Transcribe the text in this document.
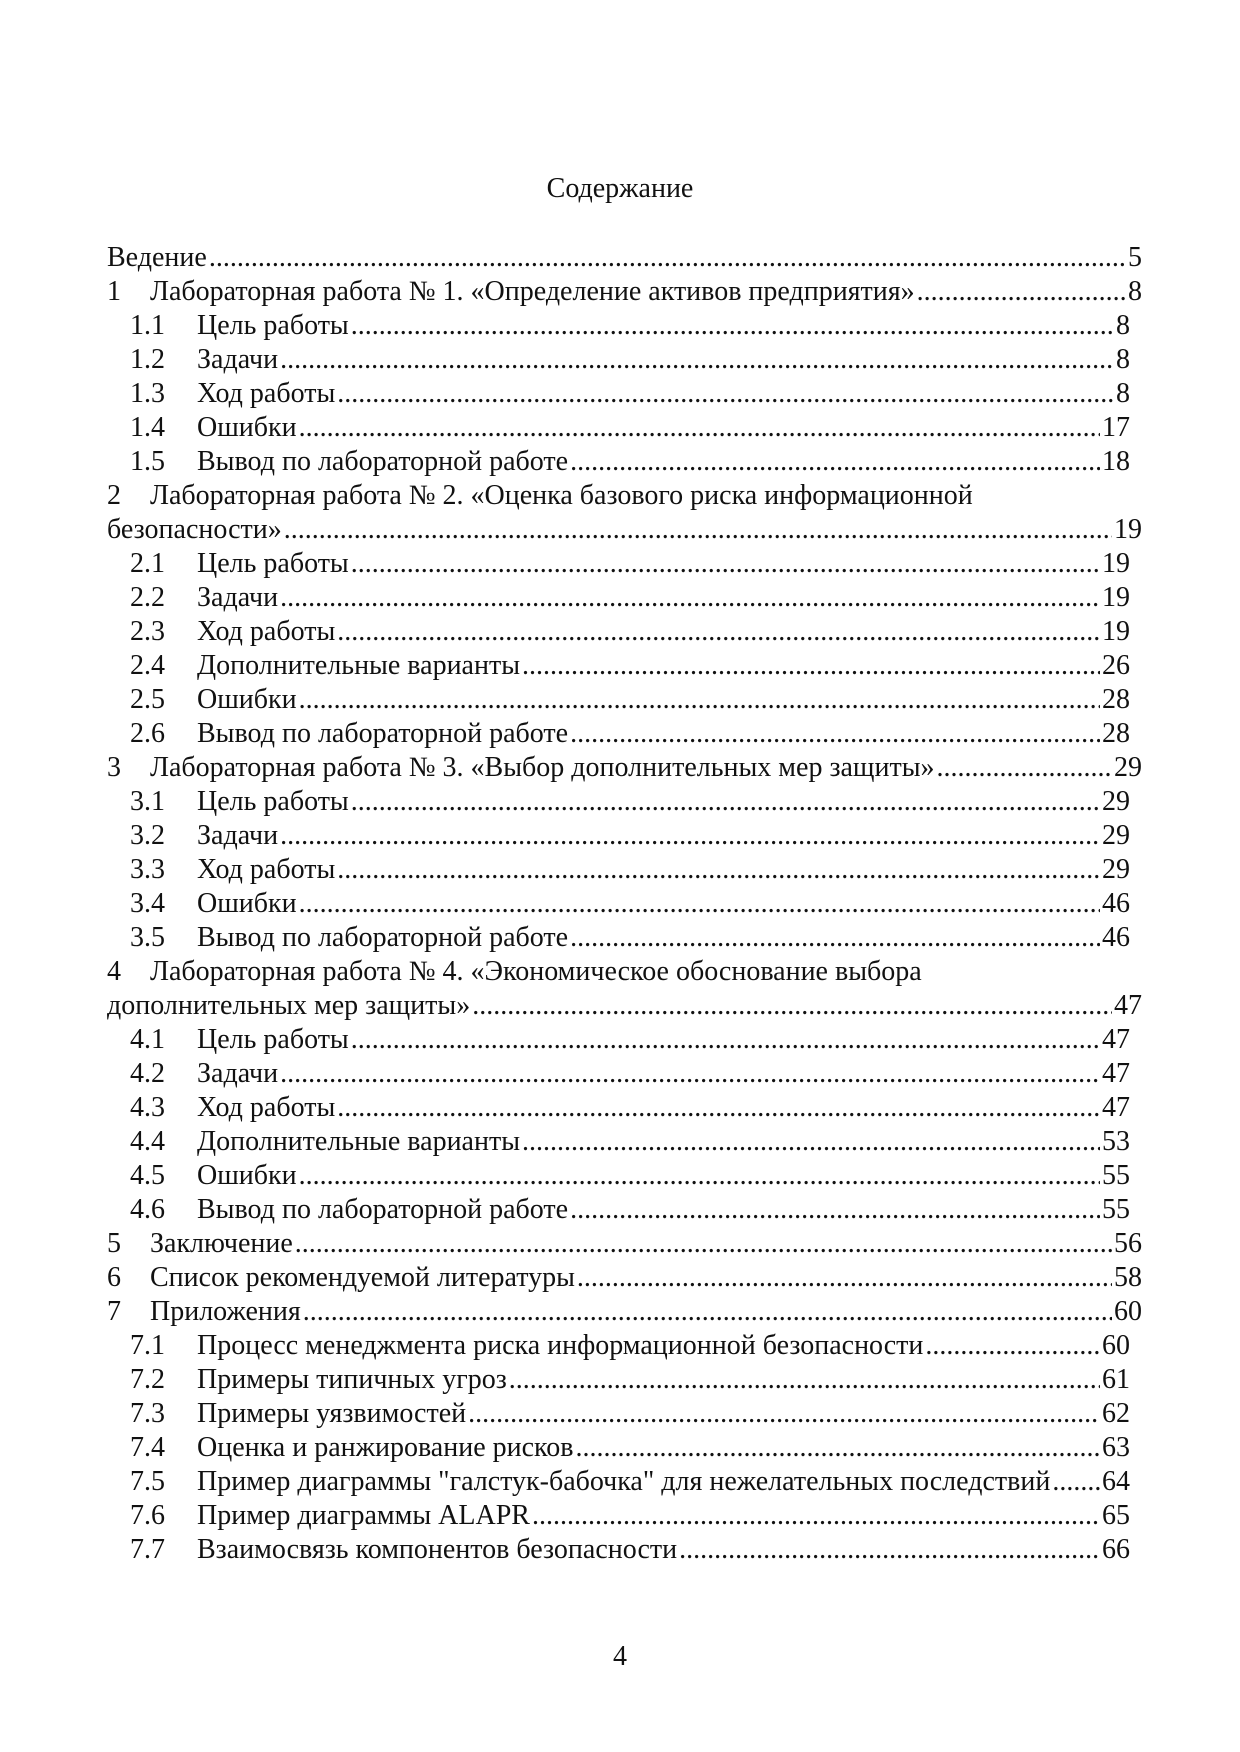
Содержание
Ведение .....	5
1	Лабораторная работа № 1. «Определение активов предприятия» .....	8
1.1	Цель работы .....	8
1.2	Задачи .....	8
1.3	Ход работы .....	8
1.4	Ошибки .....	17
1.5	Вывод по лабораторной работе .....	18
2	Лабораторная работа № 2. «Оценка базового риска информационной
безопасности» .....	19
2.1	Цель работы .....	19
2.2	Задачи .....	19
2.3	Ход работы .....	19
2.4	Дополнительные варианты .....	26
2.5	Ошибки .....	28
2.6	Вывод по лабораторной работе .....	28
3	Лабораторная работа № 3. «Выбор дополнительных мер защиты» .....	29
3.1	Цель работы .....	29
3.2	Задачи .....	29
3.3	Ход работы .....	29
3.4	Ошибки .....	46
3.5	Вывод по лабораторной работе .....	46
4	Лабораторная работа № 4. «Экономическое обоснование выбора
дополнительных мер защиты» .....	47
4.1	Цель работы .....	47
4.2	Задачи .....	47
4.3	Ход работы .....	47
4.4	Дополнительные варианты .....	53
4.5	Ошибки .....	55
4.6	Вывод по лабораторной работе .....	55
5	Заключение .....	56
6	Список рекомендуемой литературы .....	58
7	Приложения .....	60
7.1	Процесс менеджмента риска информационной безопасности .....	60
7.2	Примеры типичных угроз .....	61
7.3	Примеры уязвимостей .....	62
7.4	Оценка и ранжирование рисков .....	63
7.5	Пример диаграммы "галстук-бабочка" для нежелательных последствий ..... 64
7.6	Пример диаграммы ALAPR .....	65
7.7	Взаимосвязь компонентов безопасности .....	66
4
